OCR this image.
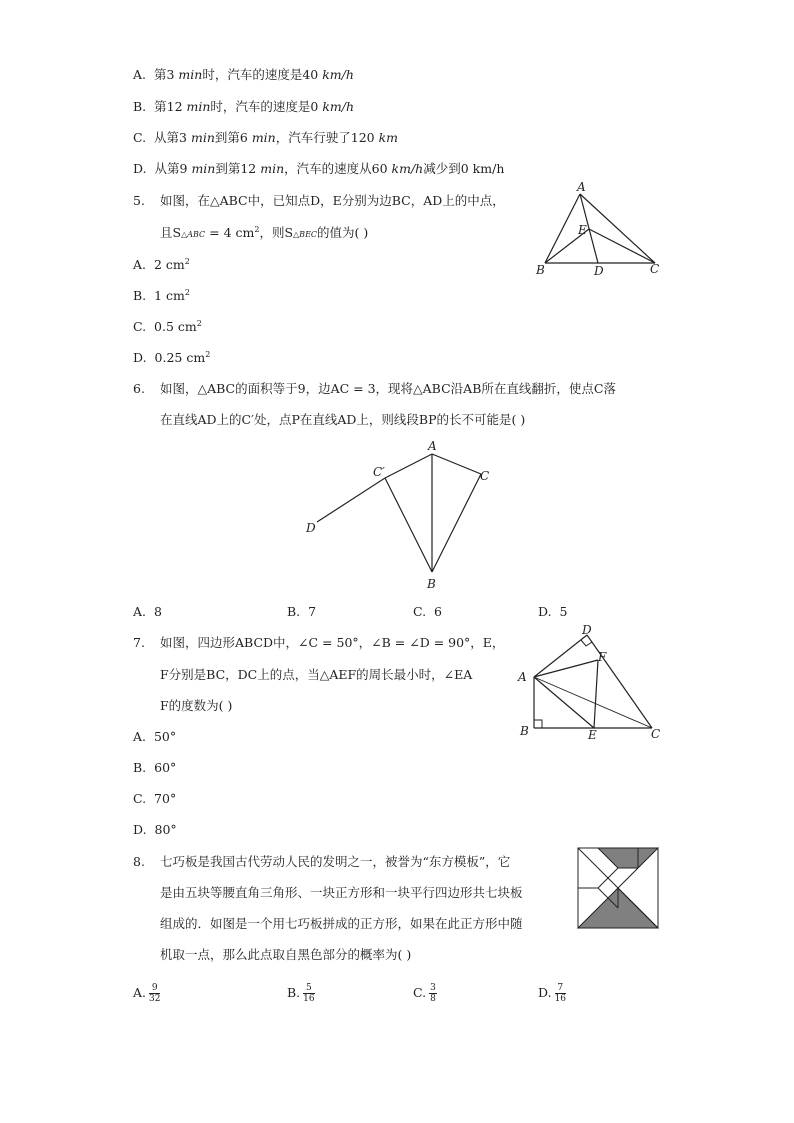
A. 第3 min时，汽车的速度是40 km/h
B. 第12 min时，汽车的速度是0 km/h
C. 从第3 min到第6 min，汽车行驶了120 km
D. 从第9 min到第12 min，汽车的速度从60 km/h减少到0 km/h
5. 如图，在△ABC中，已知点D，E分别为边BC，AD上的中点，
且S△ABC = 4 $cm^2$，则S△BEC的值为( )
A. 2 $cm^2$
B. 1 $cm^2$
C. 0.5 $cm^2$
D. 0.25 $cm^2$
A
B	C
D
E
6. 如图，△ABC的面积等于9，边AC = 3，现将△ABC沿AB所在直线翻折，使点C落
在直线AD上的C′处，点P在直线AD上，则线段BP的长不可能是( )
A
B
C
C′
D
A. 8	B. 7	C. 6	D. 5
7. 如图，四边形ABCD中，∠C = 50°，∠B = ∠D = 90°，E，
F分别是BC，DC上的点，当△AEF的周长最小时，∠EA
F的度数为( )
A
B	C
D
E
F
A. 50°
B. 60°
C. 70°
D. 80°
8. 七巧板是我国古代劳动人民的发明之一，被誉为“东方模板”，它
是由五块等腰直角三角形、一块正方形和一块平行四边形共七块板
组成的．如图是一个用七巧板拼成的正方形，如果在此正方形中随
机取一点，那么此点取自黑色部分的概率为( )
A. $\frac{9}{32}$	B. $\frac{5}{16}$	C. $\frac{3}{8}$	D. $\frac{7}{16}$
